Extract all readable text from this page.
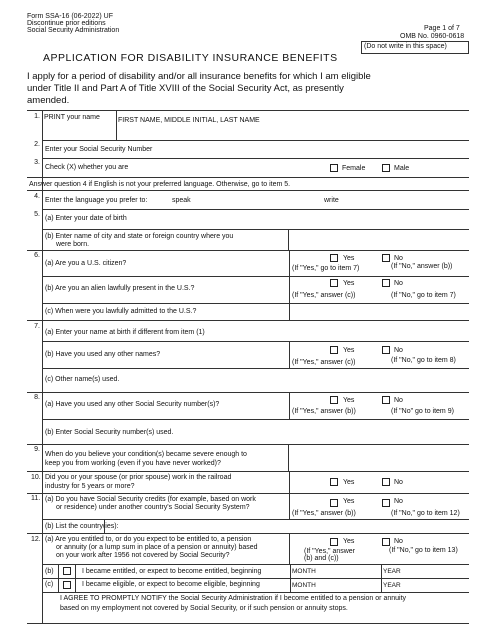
Form SSA-16 (06-2022) UF
Discontinue prior editions
Social Security Administration	Page 1 of 7
OMB No. 0960-0618
(Do not write in this space)
APPLICATION FOR DISABILITY INSURANCE BENEFITS
I apply for a period of disability and/or all insurance benefits for which I am eligible under Title II and Part A of Title XVIII of the Social Security Act, as presently amended.
1. PRINT your name	FIRST NAME, MIDDLE INITIAL, LAST NAME
2.
Enter your Social Security Number
3.
Check (X) whether you are	Female	Male
Answer question 4 if English is not your preferred language. Otherwise, go to item 5.
4.
Enter the language you prefer to:	speak	write
5.
(a) Enter your date of birth
(b) Enter name of city and state or foreign country where you
were born.
6.
(a) Are you a U.S. citizen?
Yes	No
(If "Yes," go to item 7)	(If "No," answer (b))
(b) Are you an alien lawfully present in the U.S.?
Yes	No
(If "Yes," answer (c))	(If "No," go to item 7)
(c) When were you lawfully admitted to the U.S.?
7.
(a) Enter your name at birth if different from item (1)
(b) Have you used any other names?
Yes	No
(If "Yes," answer (c))	(If "No," go to item 8)
(c) Other name(s) used.
8.
(a) Have you used any other Social Security number(s)?
Yes	No
(If "Yes," answer (b))	(If "No" go to item 9)
(b) Enter Social Security number(s) used.
9.
When do you believe your condition(s) became severe enough to
keep you from working (even if you have never worked)?
10. Did you or your spouse (or prior spouse) work in the railroad
industry for 5 years or more?
Yes	No
11. (a) Do you have Social Security credits (for example, based on work
or residence) under another country's Social Security System?
Yes	No
(If "Yes," answer (b))	(If "No," go to item 12)
(b) List the country(ies):
12. (a) Are you entitled to, or do you expect to be entitled to, a pension
or annuity (or a lump sum in place of a pension or annuity) based
on your work after 1956 not covered by Social Security?
Yes	No
(If "Yes," answer
(b) and (c))
(If "No," go to item 13)
(b)	I became entitled, or expect to become entitled, beginning	MONTH	YEAR
(c)	I became eligible, or expect to become eligible, beginning	MONTH	YEAR
I AGREE TO PROMPTLY NOTIFY the Social Security Administration if I become entitled to a pension or annuity
based on my employment not covered by Social Security, or if such pension or annuity stops.
